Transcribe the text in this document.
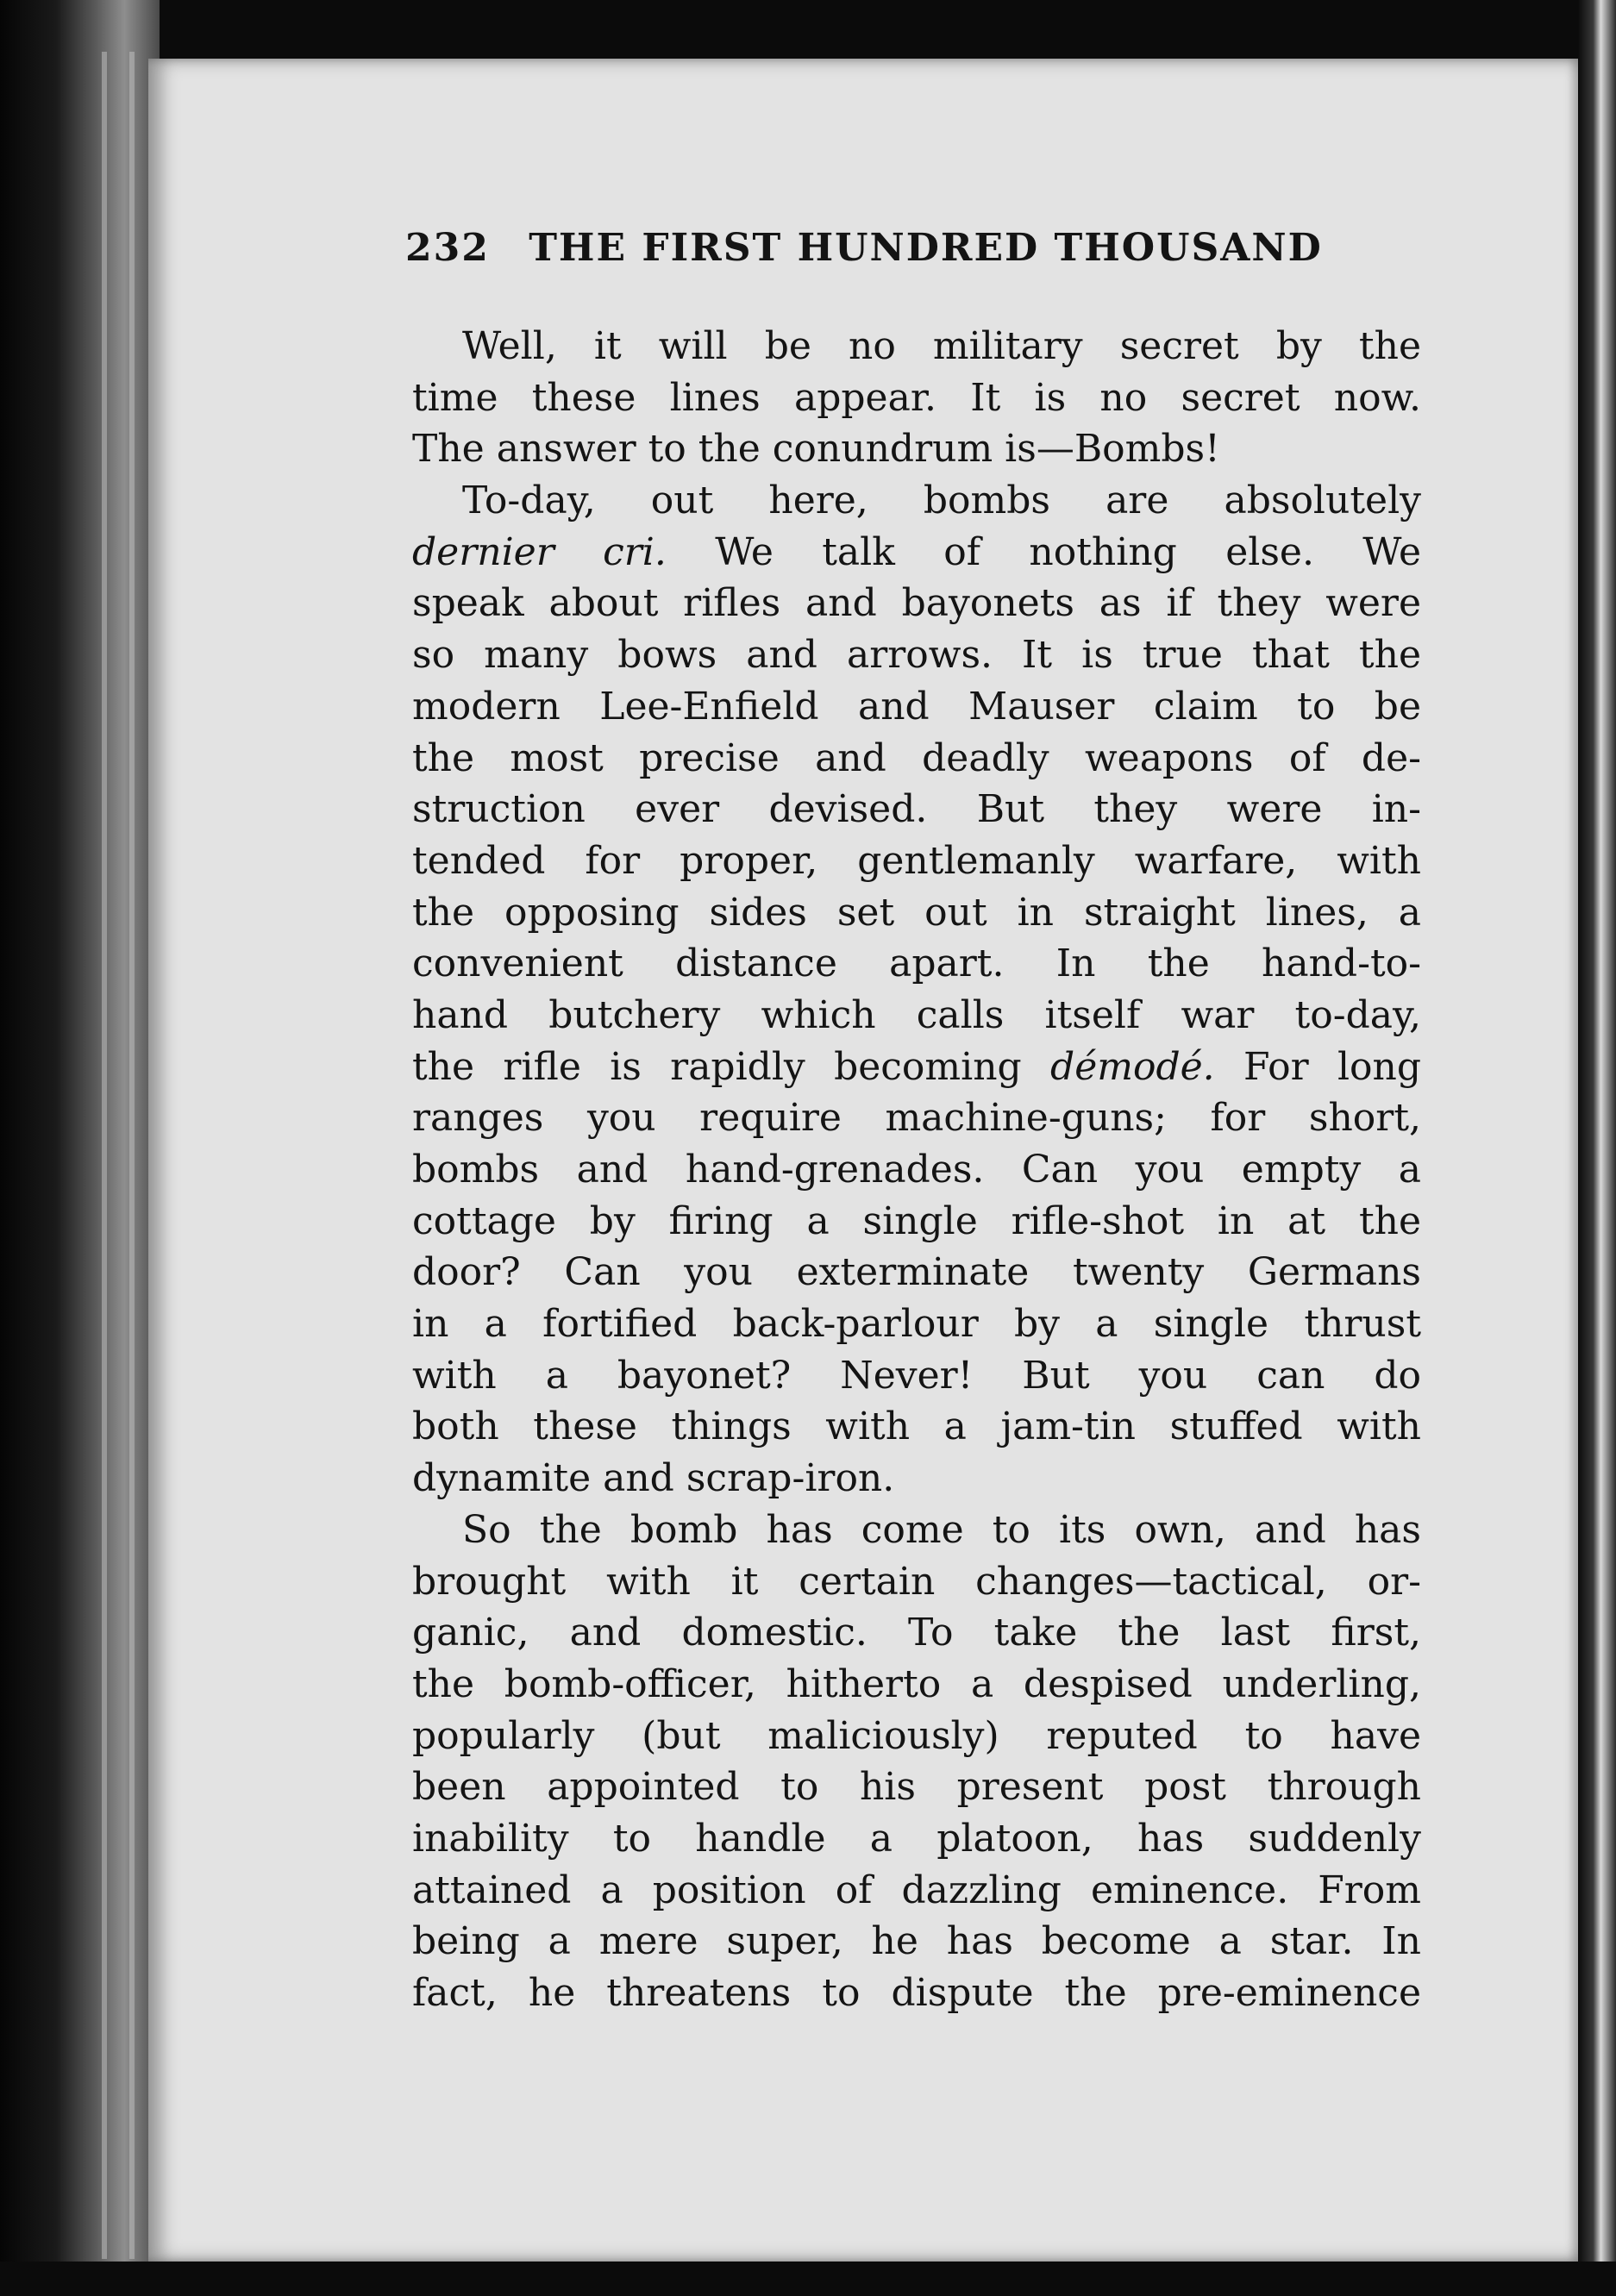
232 THE FIRST HUNDRED THOUSAND
Well, it will be no military secret by the
time these lines appear. It is no secret now.
The answer to the conundrum is—Bombs!
To-day, out here, bombs are absolutely
dernier cri. We talk of nothing else. We
speak about rifles and bayonets as if they were
so many bows and arrows. It is true that the
modern Lee-Enfield and Mauser claim to be
the most precise and deadly weapons of de-
struction ever devised. But they were in-
tended for proper, gentlemanly warfare, with
the opposing sides set out in straight lines, a
convenient distance apart. In the hand-to-
hand butchery which calls itself war to-day,
the rifle is rapidly becoming démodé. For long
ranges you require machine-guns; for short,
bombs and hand-grenades. Can you empty a
cottage by firing a single rifle-shot in at the
door? Can you exterminate twenty Germans
in a fortified back-parlour by a single thrust
with a bayonet? Never! But you can do
both these things with a jam-tin stuffed with
dynamite and scrap-iron.
So the bomb has come to its own, and has
brought with it certain changes—tactical, or-
ganic, and domestic. To take the last first,
the bomb-officer, hitherto a despised underling,
popularly (but maliciously) reputed to have
been appointed to his present post through
inability to handle a platoon, has suddenly
attained a position of dazzling eminence. From
being a mere super, he has become a star. In
fact, he threatens to dispute the pre-eminence
